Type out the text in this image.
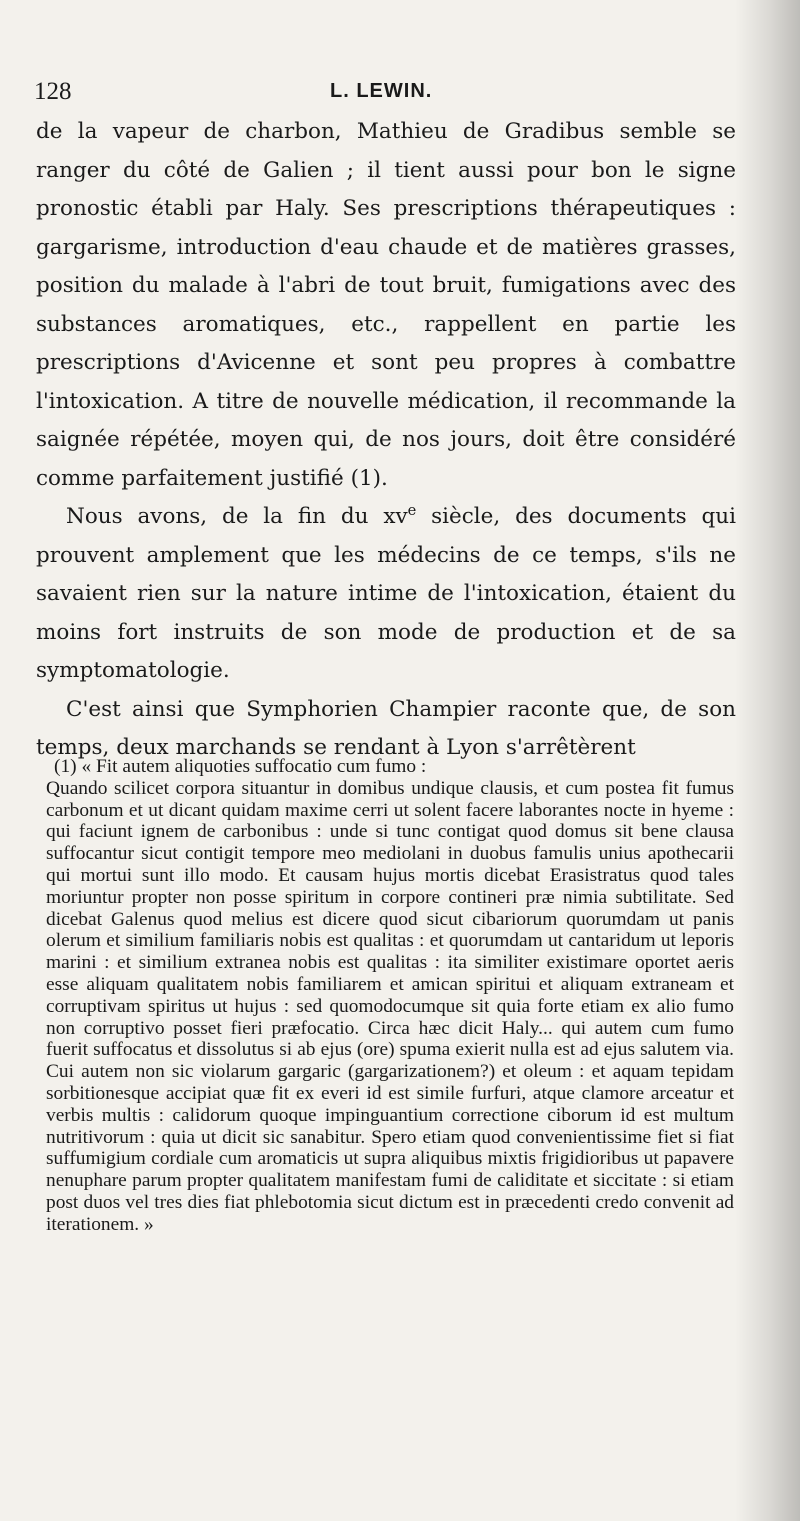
128	L. LEWIN.

de la vapeur de charbon, Mathieu de Gradibus semble se ranger du côté de Galien ; il tient aussi pour bon le signe pronostic établi par Haly. Ses prescriptions thérapeutiques : gargarisme, introduction d'eau chaude et de matières grasses, position du malade à l'abri de tout bruit, fumigations avec des substances aromatiques, etc., rappellent en partie les prescriptions d'Avicenne et sont peu propres à combattre l'intoxication. A titre de nouvelle médication, il recommande la saignée répétée, moyen qui, de nos jours, doit être considéré comme parfaitement justifié (1).

Nous avons, de la fin du $xv^e$ siècle, des documents qui prouvent amplement que les médecins de ce temps, s'ils ne savaient rien sur la nature intime de l'intoxication, étaient du moins fort instruits de son mode de production et de sa symptomatologie.

C'est ainsi que Symphorien Champier raconte que, de son temps, deux marchands se rendant à Lyon s'arrêtèrent

(1) « Fit autem aliquoties suffocatio cum fumo :

Quando scilicet corpora situantur in domibus undique clausis, et cum postea fit fumus carbonum et ut dicant quidam maxime cerri ut solent facere laborantes nocte in hyeme : qui faciunt ignem de carbonibus : unde si tunc contigat quod domus sit bene clausa suffocantur sicut contigit tempore meo mediolani in duobus famulis unius apothecarii qui mortui sunt illo modo. Et causam hujus mortis dicebat Erasistratus quod tales moriuntur propter non posse spiritum in corpore contineri præ nimia subtilitate. Sed dicebat Galenus quod melius est dicere quod sicut cibariorum quorumdam ut panis olerum et similium familiaris nobis est qualitas : et quorumdam ut cantaridum ut leporis marini : et similium extranea nobis est qualitas : ita similiter existimare oportet aeris esse aliquam qualitatem nobis familiarem et amican spiritui et aliquam extraneam et corruptivam spiritus ut hujus : sed quomodocumque sit quia forte etiam ex alio fumo non corruptivo posset fieri præfocatio. Circa hæc dicit Haly... qui autem cum fumo fuerit suffocatus et dissolutus si ab ejus (ore) spuma exierit nulla est ad ejus salutem via. Cui autem non sic violarum gargaric (gargarizationem?) et oleum : et aquam tepidam sorbitionesque accipiat quæ fit ex everi id est simile furfuri, atque clamore arceatur et verbis multis : calidorum quoque impinguantium correctione ciborum id est multum nutritivorum : quia ut dicit sic sanabitur. Spero etiam quod convenientissime fiet si fiat suffumigium cordiale cum aromaticis ut supra aliquibus mixtis frigidioribus ut papavere nenuphare parum propter qualitatem manifestam fumi de caliditate et siccitate : si etiam post duos vel tres dies fiat phlebotomia sicut dictum est in præcedenti credo convenit ad iterationem. »
